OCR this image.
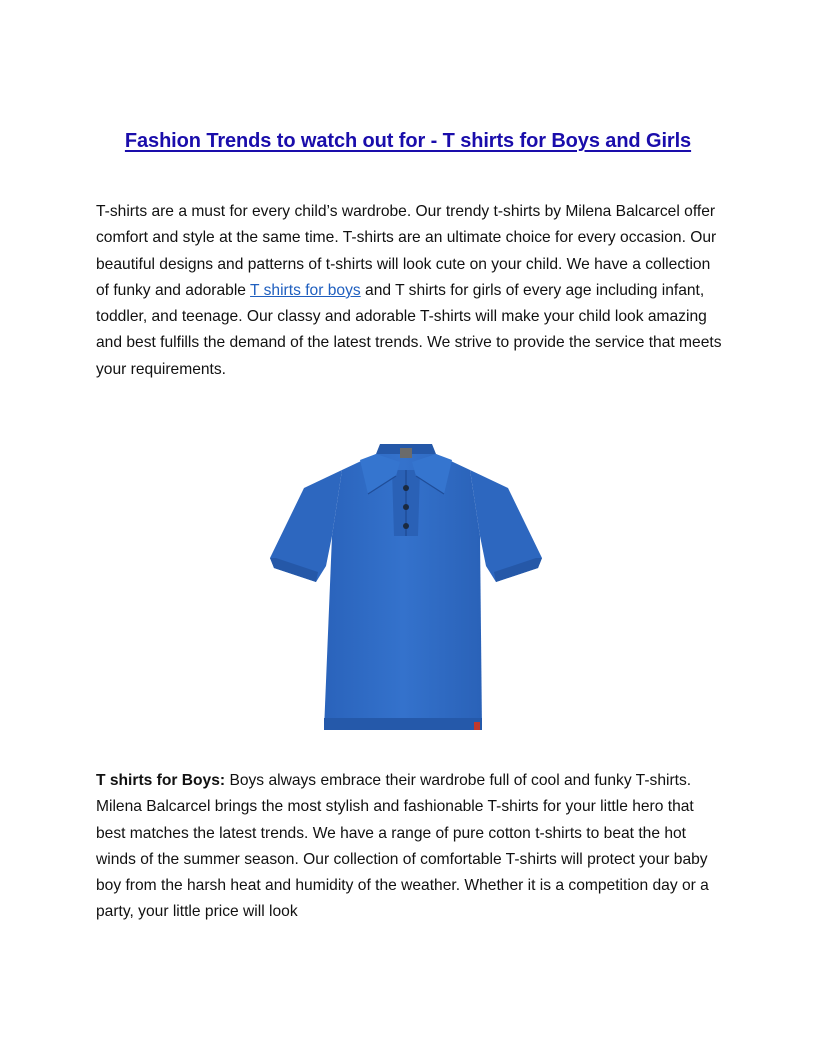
Fashion Trends to watch out for - T shirts for Boys and Girls

T-shirts are a must for every child’s wardrobe. Our trendy t-shirts by Milena Balcarcel offer comfort and style at the same time. T-shirts are an ultimate choice for every occasion. Our beautiful designs and patterns of t-shirts will look cute on your child. We have a collection of funky and adorable T shirts for boys and T shirts for girls of every age including infant, toddler, and teenage. Our classy and adorable T-shirts will make your child look amazing and best fulfills the demand of the latest trends. We strive to provide the service that meets your requirements.

T shirts for Boys: Boys always embrace their wardrobe full of cool and funky T-shirts. Milena Balcarcel brings the most stylish and fashionable T-shirts for your little hero that best matches the latest trends. We have a range of pure cotton t-shirts to beat the hot winds of the summer season. Our collection of comfortable T-shirts will protect your baby boy from the harsh heat and humidity of the weather. Whether it is a competition day or a party, your little price will look
